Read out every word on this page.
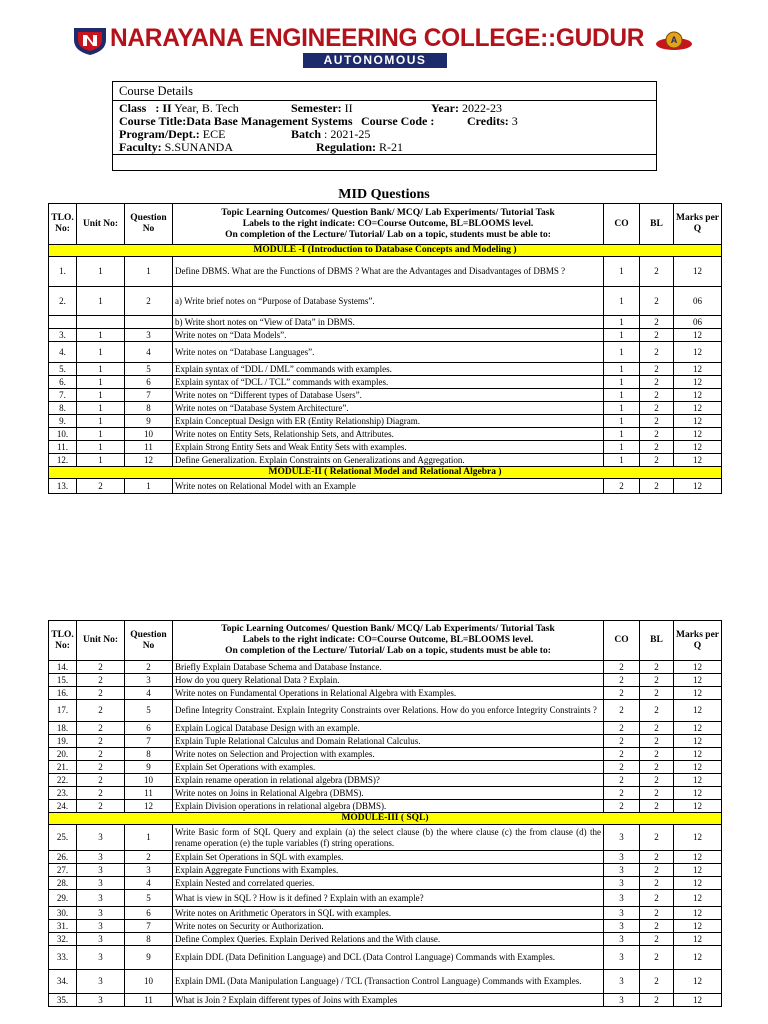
NARAYANA ENGINEERING COLLEGE::GUDUR
AUTONOMOUS
A
Course Details
Class : II Year, B. Tech	Semester: II	Year: 2022-23
Course Title:Data Base Management Systems Course Code :	Credits: 3
Program/Dept.: ECE	Batch : 2021-25
Faculty: S.SUNANDA	Regulation: R-21
MID Questions
TLO. No:	Unit No:	Question No	Topic Learning Outcomes/ Question Bank/ MCQ/ Lab Experiments/ Tutorial Task
Labels to the right indicate: CO=Course Outcome, BL=BLOOMS level.
On completion of the Lecture/ Tutorial/ Lab on a topic, students must be able to:	CO	BL	Marks per Q
MODULE -I (Introduction to Database Concepts and Modeling )						
1.	1	1	Define DBMS. What are the Functions of DBMS ? What are the Advantages and Disadvantages of DBMS ?	1	2	12
2.	1	2	a) Write brief notes on “Purpose of Database Systems”.	1	2	06
			b) Write short notes on “View of Data” in DBMS.	1	2	06
3.	1	3	Write notes on “Data Models”.	1	2	12
4.	1	4	Write notes on “Database Languages”.	1	2	12
5.	1	5	Explain syntax of “DDL / DML” commands with examples.	1	2	12
6.	1	6	Explain syntax of “DCL / TCL” commands with examples.	1	2	12
7.	1	7	Write notes on “Different types of Database Users”.	1	2	12
8.	1	8	Write notes on “Database System Architecture”.	1	2	12
9.	1	9	Explain Conceptual Design with ER (Entity Relationship) Diagram.	1	2	12
10.	1	10	Write notes on Entity Sets, Relationship Sets, and Attributes.	1	2	12
11.	1	11	Explain Strong Entity Sets and Weak Entity Sets with examples.	1	2	12
12.	1	12	Define Generalization. Explain Constraints on Generalizations and Aggregation.	1	2	12
MODULE-II ( Relational Model and Relational Algebra )						
13.	2	1	Write notes on Relational Model with an Example	2	2	12
TLO. No:	Unit No:	Question No	Topic Learning Outcomes/ Question Bank/ MCQ/ Lab Experiments/ Tutorial Task
Labels to the right indicate: CO=Course Outcome, BL=BLOOMS level.
On completion of the Lecture/ Tutorial/ Lab on a topic, students must be able to:	CO	BL	Marks per Q
14.	2	2	Briefly Explain Database Schema and Database Instance.	2	2	12
15.	2	3	How do you query Relational Data ? Explain.	2	2	12
16.	2	4	Write notes on Fundamental Operations in Relational Algebra with Examples.	2	2	12
17.	2	5	Define Integrity Constraint. Explain Integrity Constraints over Relations. How do you enforce Integrity Constraints ?	2	2	12
18.	2	6	Explain Logical Database Design with an example.	2	2	12
19.	2	7	Explain Tuple Relational Calculus and Domain Relational Calculus.	2	2	12
20.	2	8	Write notes on Selection and Projection with examples.	2	2	12
21.	2	9	Explain Set Operations with examples.	2	2	12
22.	2	10	Explain rename operation in relational algebra (DBMS)?	2	2	12
23.	2	11	Write notes on Joins in Relational Algebra (DBMS).	2	2	12
24.	2	12	Explain Division operations in relational algebra (DBMS).	2	2	12
MODULE-III ( SQL)						
25.	3	1	Write Basic form of SQL Query and explain (a) the select clause (b) the where clause (c) the from clause (d) the rename operation (e) the tuple variables (f) string operations.	3	2	12
26.	3	2	Explain Set Operations in SQL with examples.	3	2	12
27.	3	3	Explain Aggregate Functions with Examples.	3	2	12
28.	3	4	Explain Nested and correlated queries.	3	2	12
29.	3	5	What is view in SQL ? How is it defined ? Explain with an example?	3	2	12
30.	3	6	Write notes on Arithmetic Operators in SQL with examples.	3	2	12
31.	3	7	Write notes on Security or Authorization.	3	2	12
32.	3	8	Define Complex Queries. Explain Derived Relations and the With clause.	3	2	12
33.	3	9	Explain DDL (Data Definition Language) and DCL (Data Control Language) Commands with Examples.	3	2	12
34.	3	10	Explain DML (Data Manipulation Language) / TCL (Transaction Control Language) Commands with Examples.	3	2	12
35.	3	11	What is Join ? Explain different types of Joins with Examples	3	2	12
